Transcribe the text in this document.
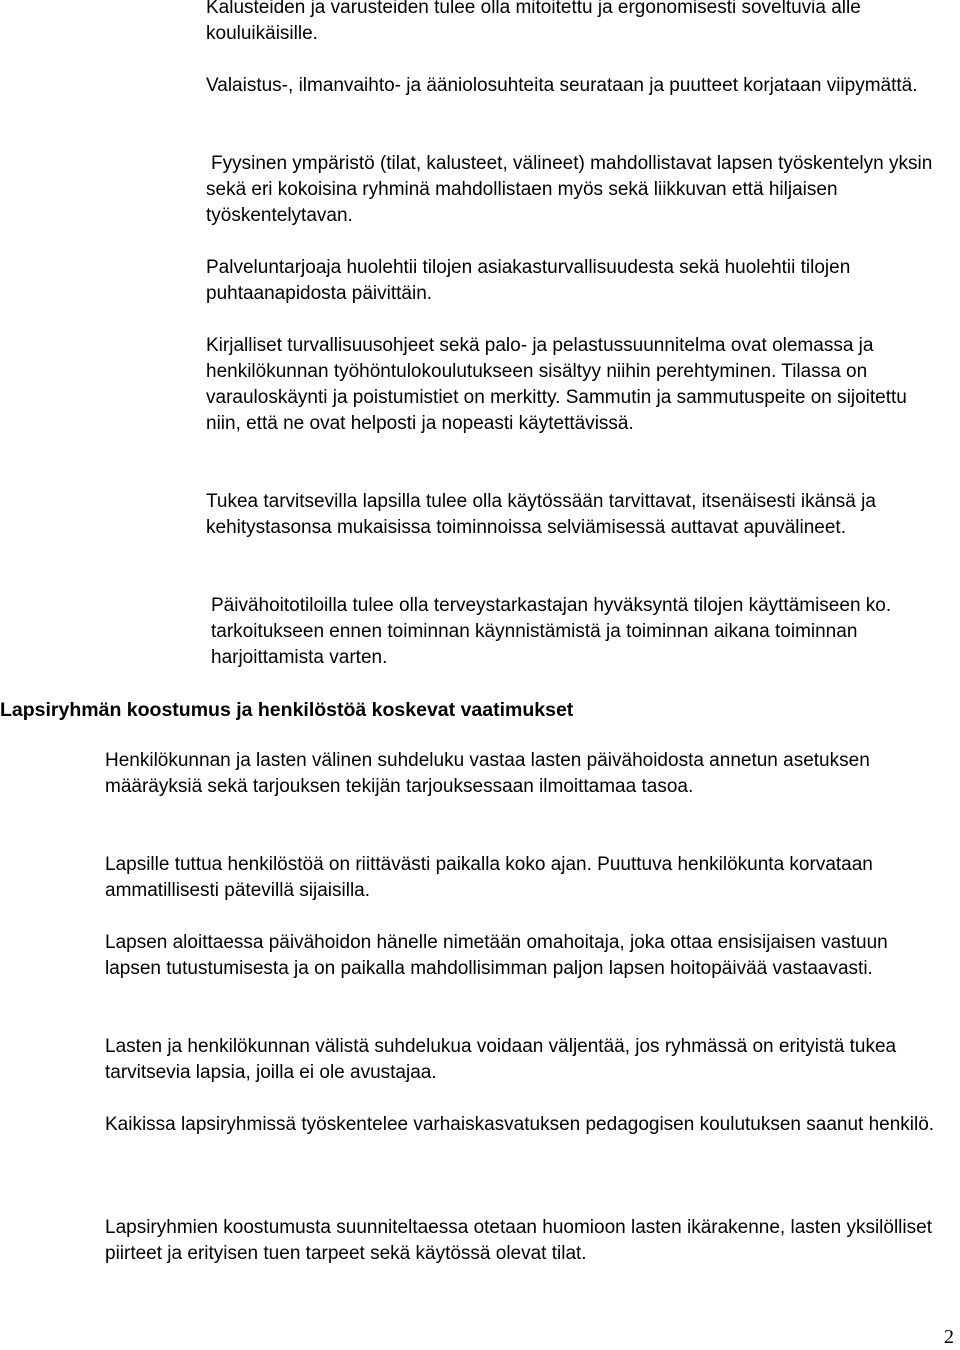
Kalusteiden ja varusteiden tulee olla mitoitettu ja ergonomisesti soveltuvia alle kouluikäisille.

Valaistus-, ilmanvaihto- ja ääniolosuhteita seurataan ja puutteet korjataan viipymättä.

Fyysinen ympäristö (tilat, kalusteet, välineet) mahdollistavat lapsen työskentelyn yksin sekä eri kokoisina ryhminä mahdollistaen myös sekä liikkuvan että hiljaisen työskentelytavan.

Palveluntarjoaja huolehtii tilojen asiakasturvallisuudesta sekä huolehtii tilojen puhtaanapidosta päivittäin.

Kirjalliset turvallisuusohjeet sekä palo- ja pelastussuunnitelma ovat olemassa ja henkilökunnan työhöntulokoulutukseen sisältyy niihin perehtyminen. Tilassa on varauloskäynti ja poistumistiet on merkitty. Sammutin ja sammutuspeite on sijoitettu niin, että ne ovat helposti ja nopeasti käytettävissä.

Tukea tarvitsevilla lapsilla tulee olla käytössään tarvittavat, itsenäisesti ikänsä ja kehitystasonsa mukaisissa toiminnoissa selviämisessä auttavat apuvälineet.

Päivähoitotiloilla tulee olla terveystarkastajan hyväksyntä tilojen käyttämiseen ko. tarkoitukseen ennen toiminnan käynnistämistä ja toiminnan aikana toiminnan harjoittamista varten.

Lapsiryhmän koostumus ja henkilöstöä koskevat vaatimukset

Henkilökunnan ja lasten välinen suhdeluku vastaa lasten päivähoidosta annetun asetuksen määräyksiä sekä tarjouksen tekijän tarjouksessaan ilmoittamaa tasoa.

Lapsille tuttua henkilöstöä on riittävästi paikalla koko ajan. Puuttuva henkilökunta korvataan ammatillisesti pätevillä sijaisilla.

Lapsen aloittaessa päivähoidon hänelle nimetään omahoitaja, joka ottaa ensisijaisen vastuun lapsen tutustumisesta ja on paikalla mahdollisimman paljon lapsen hoitopäivää vastaavasti.

Lasten ja henkilökunnan välistä suhdelukua voidaan väljentää, jos ryhmässä on erityistä tukea tarvitsevia lapsia, joilla ei ole avustajaa.

Kaikissa lapsiryhmissä työskentelee varhaiskasvatuksen pedagogisen koulutuksen saanut henkilö.

Lapsiryhmien koostumusta suunniteltaessa otetaan huomioon lasten ikärakenne, lasten yksilölliset piirteet ja erityisen tuen tarpeet sekä käytössä olevat tilat.

2
